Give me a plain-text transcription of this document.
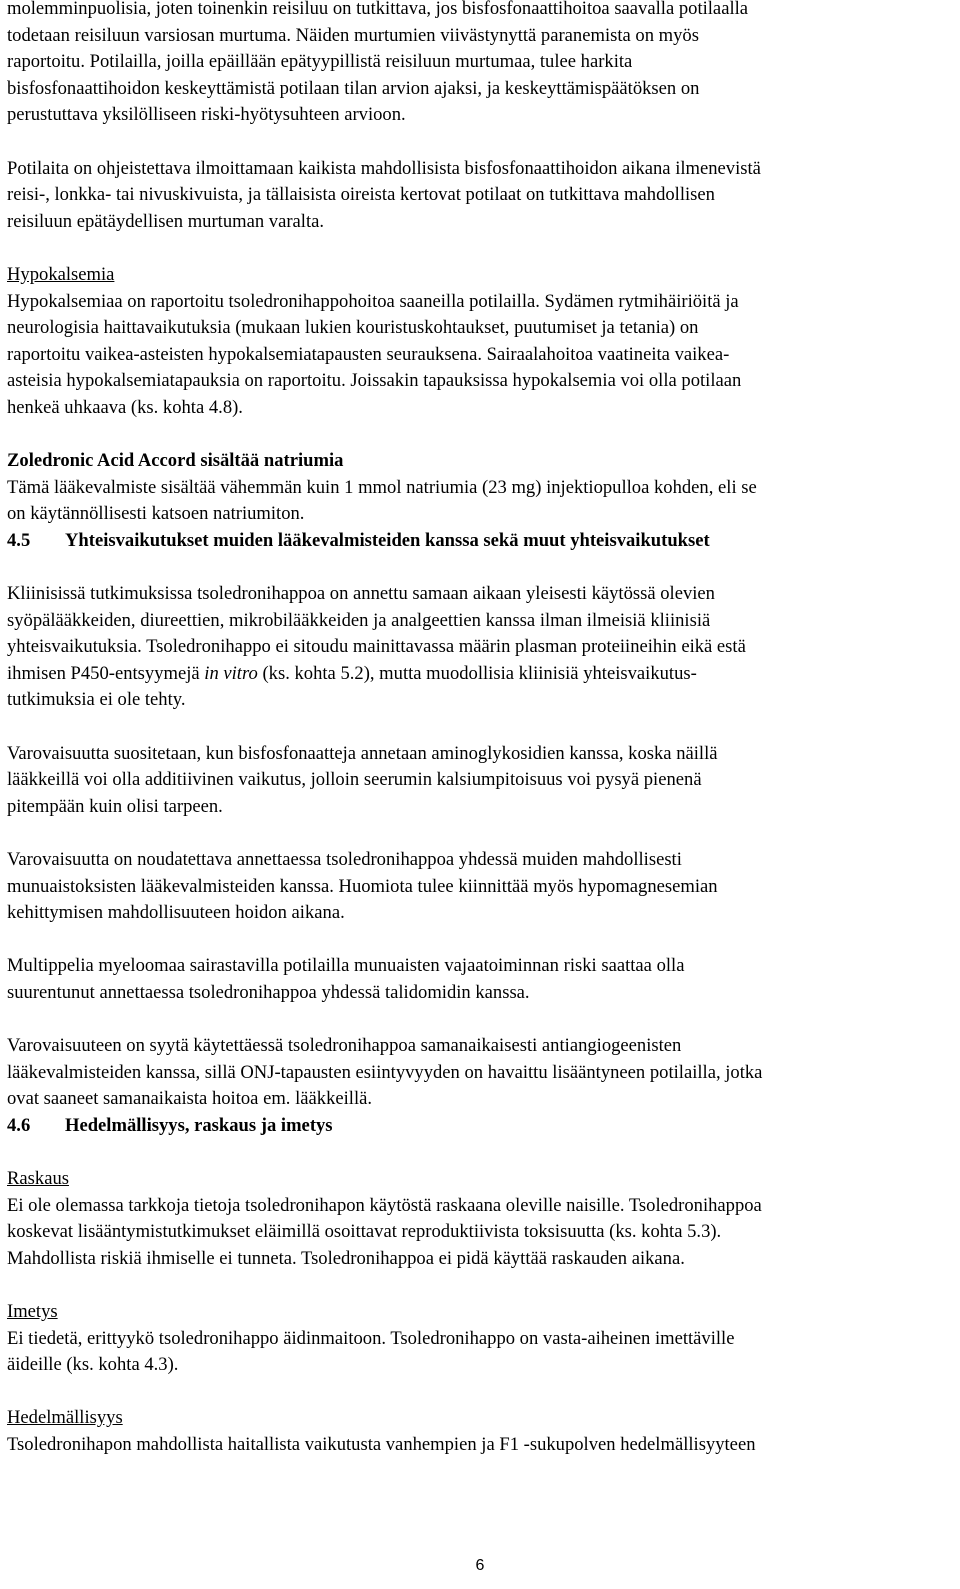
molemminpuolisia, joten toinenkin reisiluu on tutkittava, jos bisfosfonaattihoitoa saavalla potilaalla
todetaan reisiluun varsiosan murtuma. Näiden murtumien viivästynyttä paranemista on myös
raportoitu. Potilailla, joilla epäillään epätyypillistä reisiluun murtumaa, tulee harkita
bisfosfonaattihoidon keskeyttämistä potilaan tilan arvion ajaksi, ja keskeyttämispäätöksen on
perustuttava yksilölliseen riski-hyötysuhteen arvioon.

Potilaita on ohjeistettava ilmoittamaan kaikista mahdollisista bisfosfonaattihoidon aikana ilmenevistä
reisi-, lonkka- tai nivuskivuista, ja tällaisista oireista kertovat potilaat on tutkittava mahdollisen
reisiluun epätäydellisen murtuman varalta.

Hypokalsemia

Hypokalsemiaa on raportoitu tsoledronihappohoitoa saaneilla potilailla. Sydämen rytmihäiriöitä ja
neurologisia haittavaikutuksia (mukaan lukien kouristuskohtaukset, puutumiset ja tetania) on
raportoitu vaikea-asteisten hypokalsemiatapausten seurauksena. Sairaalahoitoa vaatineita vaikea-
asteisia hypokalsemiatapauksia on raportoitu. Joissakin tapauksissa hypokalsemia voi olla potilaan
henkeä uhkaava (ks. kohta 4.8).

Zoledronic Acid Accord sisältää natriumia

Tämä lääkevalmiste sisältää vähemmän kuin 1 mmol natriumia (23 mg) injektiopulloa kohden, eli se
on käytännöllisesti katsoen natriumiton.

4.5 Yhteisvaikutukset muiden lääkevalmisteiden kanssa sekä muut yhteisvaikutukset

Kliinisissä tutkimuksissa tsoledronihappoa on annettu samaan aikaan yleisesti käytössä olevien
syöpälääkkeiden, diureettien, mikrobilääkkeiden ja analgeettien kanssa ilman ilmeisiä kliinisiä
yhteisvaikutuksia. Tsoledronihappo ei sitoudu mainittavassa määrin plasman proteiineihin eikä estä
ihmisen P450-entsyymejä in vitro (ks. kohta 5.2), mutta muodollisia kliinisiä yhteisvaikutus-
tutkimuksia ei ole tehty.

Varovaisuutta suositetaan, kun bisfosfonaatteja annetaan aminoglykosidien kanssa, koska näillä
lääkkeillä voi olla additiivinen vaikutus, jolloin seerumin kalsiumpitoisuus voi pysyä pienenä
pitempään kuin olisi tarpeen.

Varovaisuutta on noudatettava annettaessa tsoledronihappoa yhdessä muiden mahdollisesti
munuaistoksisten lääkevalmisteiden kanssa. Huomiota tulee kiinnittää myös hypomagnesemian
kehittymisen mahdollisuuteen hoidon aikana.

Multippelia myeloomaa sairastavilla potilailla munuaisten vajaatoiminnan riski saattaa olla
suurentunut annettaessa tsoledronihappoa yhdessä talidomidin kanssa.

Varovaisuuteen on syytä käytettäessä tsoledronihappoa samanaikaisesti antiangiogeenisten
lääkevalmisteiden kanssa, sillä ONJ-tapausten esiintyvyyden on havaittu lisääntyneen potilailla, jotka
ovat saaneet samanaikaista hoitoa em. lääkkeillä.

4.6 Hedelmällisyys, raskaus ja imetys

Raskaus

Ei ole olemassa tarkkoja tietoja tsoledronihapon käytöstä raskaana oleville naisille. Tsoledronihappoa
koskevat lisääntymistutkimukset eläimillä osoittavat reproduktiivista toksisuutta (ks. kohta 5.3).
Mahdollista riskiä ihmiselle ei tunneta. Tsoledronihappoa ei pidä käyttää raskauden aikana.

Imetys

Ei tiedetä, erittyykö tsoledronihappo äidinmaitoon. Tsoledronihappo on vasta-aiheinen imettäville
äideille (ks. kohta 4.3).

Hedelmällisyys

Tsoledronihapon mahdollista haitallista vaikutusta vanhempien ja F1 -sukupolven hedelmällisyyteen

6
